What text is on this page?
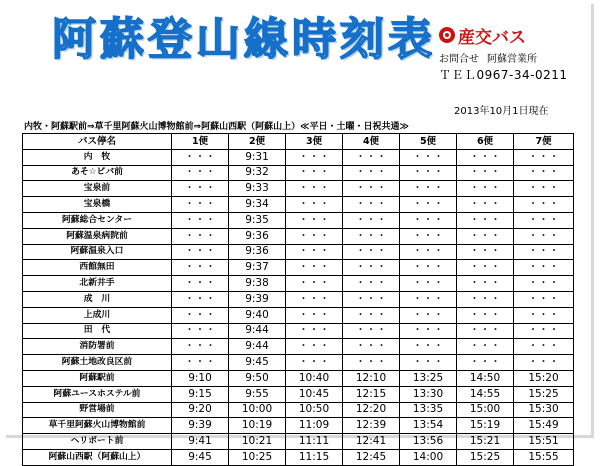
阿蘇登山線時刻表 産交バス
お問合せ 阿蘇営業所
ＴＥＬ0967-34-0211
2013年10月1日現在
内牧・阿蘇駅前⇒草千里阿蘇火山博物館前⇒阿蘇山西駅（阿蘇山上）≪平日・土曜・日祝共通≫
バス停名	1便	2便	3便	4便	5便	6便	7便
内　牧	・・・	9:31	・・・	・・・	・・・	・・・	・・・
あそ☆ビバ前	・・・	9:32	・・・	・・・	・・・	・・・	・・・
宝泉前	・・・	9:33	・・・	・・・	・・・	・・・	・・・
宝泉橋	・・・	9:34	・・・	・・・	・・・	・・・	・・・
阿蘇総合センター	・・・	9:35	・・・	・・・	・・・	・・・	・・・
阿蘇温泉病院前	・・・	9:36	・・・	・・・	・・・	・・・	・・・
阿蘇温泉入口	・・・	9:36	・・・	・・・	・・・	・・・	・・・
西館無田	・・・	9:37	・・・	・・・	・・・	・・・	・・・
北新井手	・・・	9:38	・・・	・・・	・・・	・・・	・・・
成　川	・・・	9:39	・・・	・・・	・・・	・・・	・・・
上成川	・・・	9:40	・・・	・・・	・・・	・・・	・・・
田　代	・・・	9:44	・・・	・・・	・・・	・・・	・・・
消防署前	・・・	9:44	・・・	・・・	・・・	・・・	・・・
阿蘇土地改良区前	・・・	9:45	・・・	・・・	・・・	・・・	・・・
阿蘇駅前	9:10	9:50	10:40	12:10	13:25	14:50	15:20
阿蘇ユースホステル前	9:15	9:55	10:45	12:15	13:30	14:55	15:25
野営場前	9:20	10:00	10:50	12:20	13:35	15:00	15:30
草千里阿蘇火山博物館前	9:39	10:19	11:09	12:39	13:54	15:19	15:49
ヘリポート前	9:41	10:21	11:11	12:41	13:56	15:21	15:51
阿蘇山西駅（阿蘇山上）	9:45	10:25	11:15	12:45	14:00	15:25	15:55
